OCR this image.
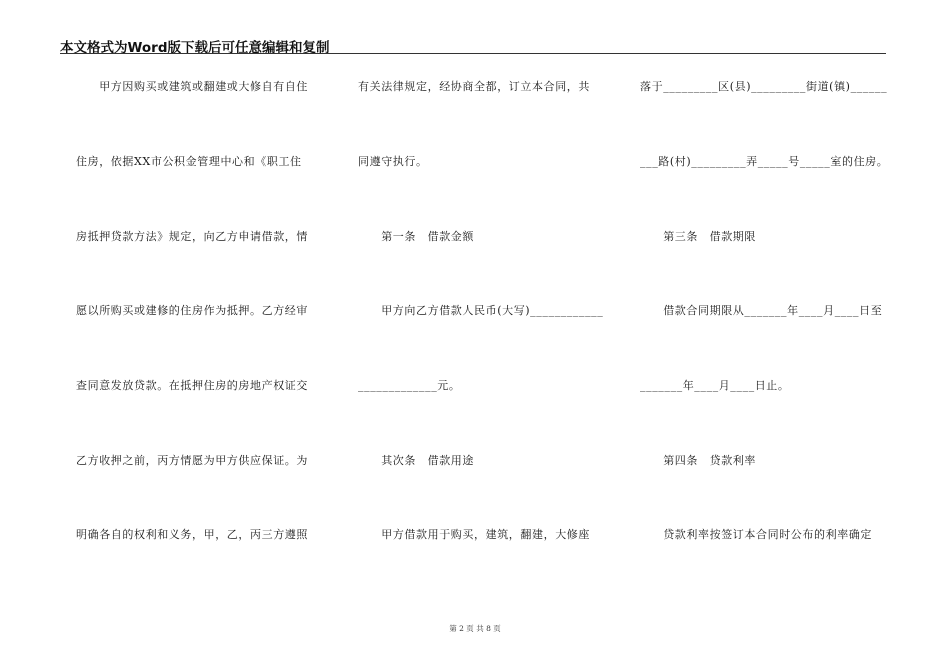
本文格式为Word版下载后可任意编辑和复制
　　甲方因购买或建筑或翻建或大修自有自住
住房，依据XX市公积金管理中心和《职工住
房抵押贷款方法》规定，向乙方申请借款，情
愿以所购买或建修的住房作为抵押。乙方经审
查同意发放贷款。在抵押住房的房地产权证交
乙方收押之前，丙方情愿为甲方供应保证。为
明确各自的权利和义务，甲，乙，丙三方遵照
有关法律规定，经协商全都，订立本合同，共
同遵守执行。
　　第一条　借款金额
　　甲方向乙方借款人民币(大写)____________
_____________元。
　　其次条　借款用途
　　甲方借款用于购买，建筑，翻建，大修座
落于_________区(县)_________街道(镇)______
___路(村)_________弄_____号_____室的住房。
　　第三条　借款期限
　　借款合同期限从_______年____月____日至
_______年____月____日止。
　　第四条　贷款利率
　　贷款利率按签订本合同时公布的利率确定
第 2 页 共 8 页
